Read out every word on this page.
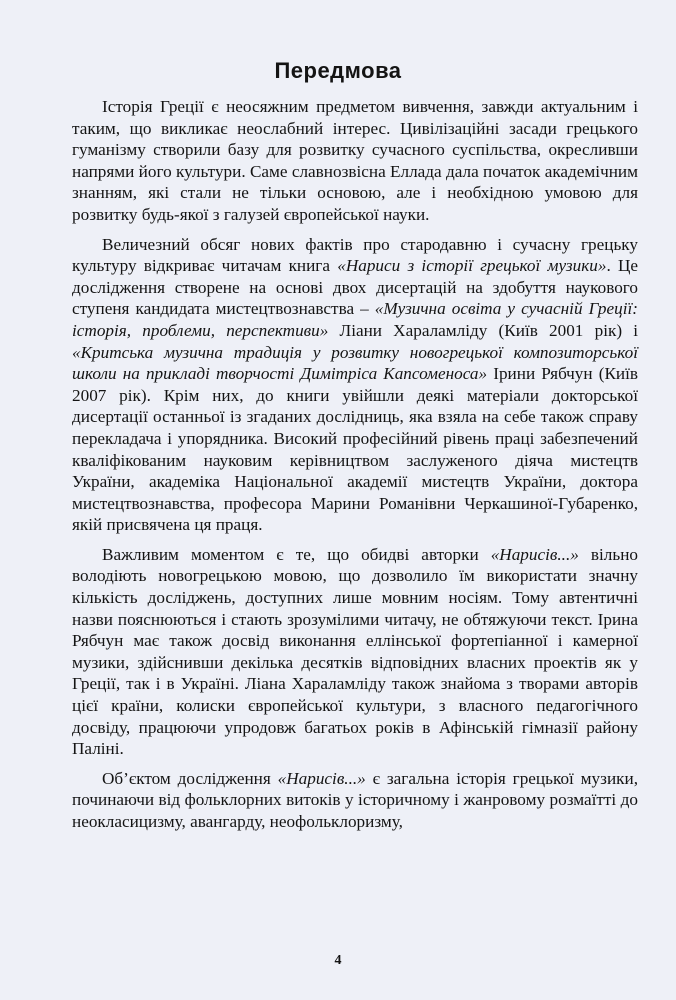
Передмова

Історія Греції є неосяжним предметом вивчення, завжди актуальним і таким, що викликає неослабний інтерес. Цивілізаційні засади грецького гуманізму створили базу для розвитку сучасного суспільства, окресливши напрями його культури. Саме славнозвісна Еллада дала початок академічним знанням, які стали не тільки основою, але і необхідною умовою для розвитку будь-якої з галузей європейської науки.

Величезний обсяг нових фактів про стародавню і сучасну грецьку культуру відкриває читачам книга «Нариси з історії грецької музики». Це дослідження створене на основі двох дисертацій на здобуття наукового ступеня кандидата мистецтвознавства – «Музична освіта у сучасній Греції: історія, проблеми, перспективи» Ліани Хараламліду (Київ 2001 рік) і «Критська музична традиція у розвитку новогрецької композиторської школи на прикладі творчості Димітріса Капсоменоса» Ірини Рябчун (Київ 2007 рік). Крім них, до книги увійшли деякі матеріали докторської дисертації останньої із згаданих дослідниць, яка взяла на себе також справу перекладача і упорядника. Високий професійний рівень праці забезпечений кваліфікованим науковим керівництвом заслуженого діяча мистецтв України, академіка Національної академії мистецтв України, доктора мистецтвознавства, професора Марини Романівни Черкашиної-Губаренко, якій присвячена ця праця.

Важливим моментом є те, що обидві авторки «Нарисів...» вільно володіють новогрецькою мовою, що дозволило їм використати значну кількість досліджень, доступних лише мовним носіям. Тому автентичні назви пояснюються і стають зрозумілими читачу, не обтяжуючи текст. Ірина Рябчун має також досвід виконання еллінської фортепіанної і камерної музики, здійснивши декілька десятків відповідних власних проектів як у Греції, так і в Україні. Ліана Хараламліду також знайома з творами авторів цієї країни, колиски європейської культури, з власного педагогічного досвіду, працюючи упродовж багатьох років в Афінській гімназії району Паліні.

Об’єктом дослідження «Нарисів...» є загальна історія грецької музики, починаючи від фольклорних витоків у історичному і жанровому розмаїтті до неокласицизму, авангарду, неофольклоризму,

4
